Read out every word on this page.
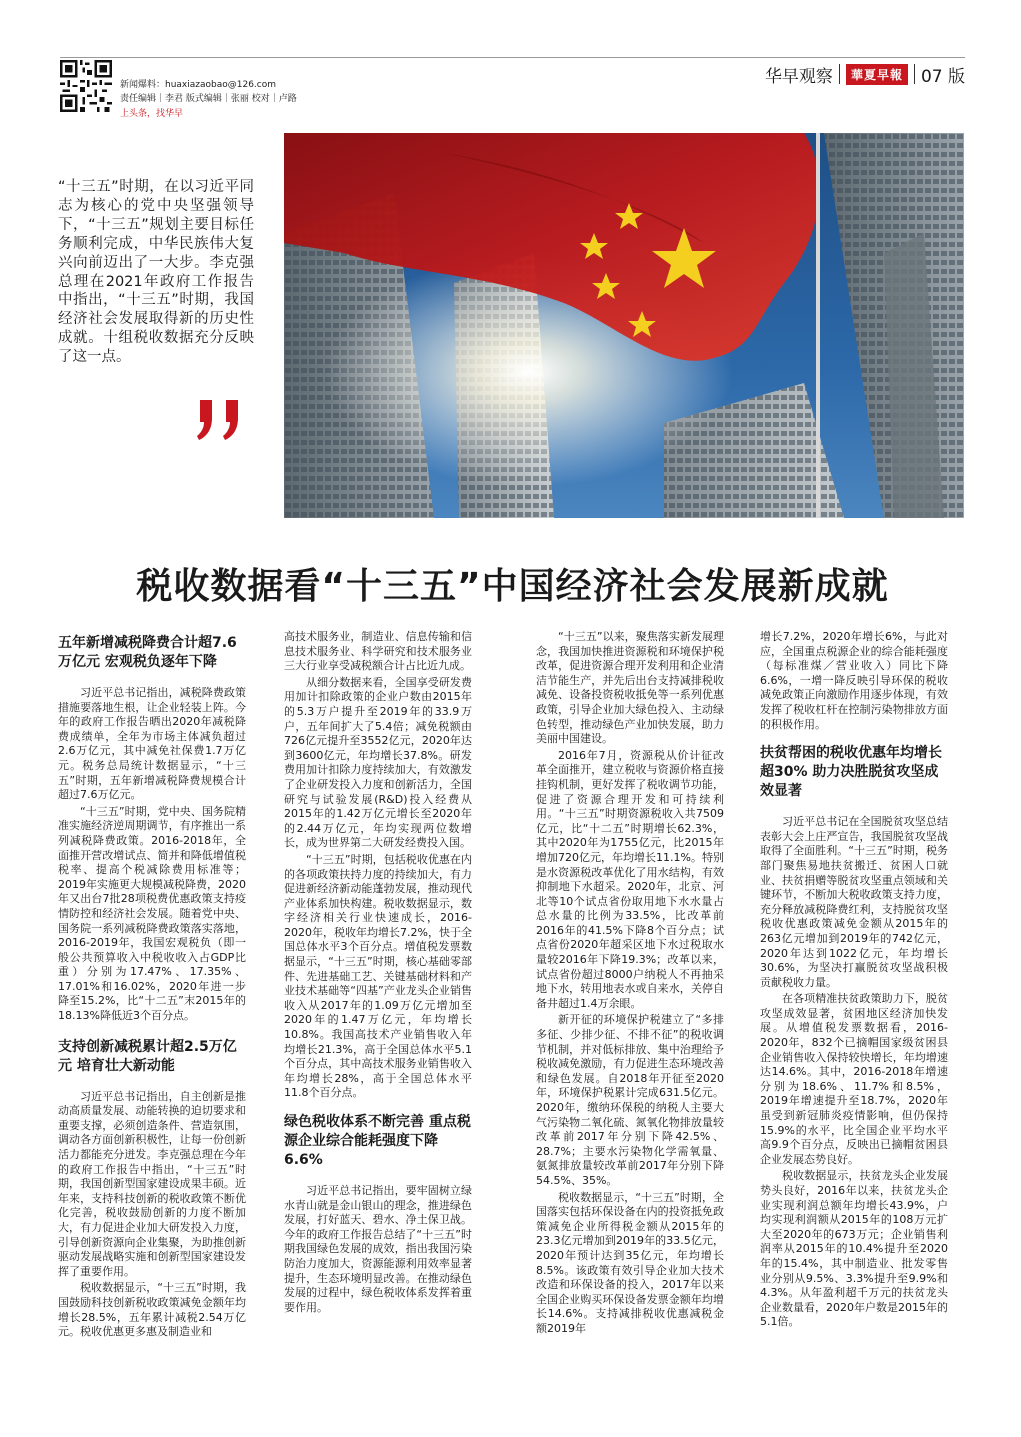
新闻爆料：huaxiazaobao@126.com
责任编辑｜李君 版式编辑｜张丽 校对｜卢路
上头条，找华早
华早观察	華夏早報 07 版
“十三五”时期，在以习近平同志为核心的党中央坚强领导下，“十三五”规划主要目标任务顺利完成，中华民族伟大复兴向前迈出了一大步。李克强总理在2021年政府工作报告中指出，“十三五”时期，我国经济社会发展取得新的历史性成就。十组税收数据充分反映了这一点。
税收数据看“十三五”中国经济社会发展新成就
五年新增减税降费合计超7.6万亿元 宏观税负逐年下降

习近平总书记指出，减税降费政策措施要落地生根，让企业轻装上阵。今年的政府工作报告晒出2020年减税降费成绩单，全年为市场主体减负超过2.6万亿元，其中减免社保费1.7万亿元。税务总局统计数据显示，“十三五”时期，五年新增减税降费规模合计超过7.6万亿元。

“十三五”时期，党中央、国务院精准实施经济逆周期调节，有序推出一系列减税降费政策。2016-2018年，全面推开营改增试点、简并和降低增值税税率、提高个税减除费用标准等；2019年实施更大规模减税降费，2020年又出台7批28项税费优惠政策支持疫情防控和经济社会发展。随着党中央、国务院一系列减税降费政策落实落地，2016-2019年，我国宏观税负（即一般公共预算收入中税收收入占GDP比重）分别为17.47%、17.35%、17.01%和16.02%，2020年进一步降至15.2%，比“十二五”末2015年的18.13%降低近3个百分点。

支持创新减税累计超2.5万亿元 培育壮大新动能

习近平总书记指出，自主创新是推动高质量发展、动能转换的迫切要求和重要支撑，必须创造条件、营造氛围，调动各方面创新积极性，让每一份创新活力都能充分迸发。李克强总理在今年的政府工作报告中指出，“十三五”时期，我国创新型国家建设成果丰硕。近年来，支持科技创新的税收政策不断优化完善，税收鼓励创新的力度不断加大，有力促进企业加大研发投入力度，引导创新资源向企业集聚，为助推创新驱动发展战略实施和创新型国家建设发挥了重要作用。

税收数据显示，“十三五”时期，我国鼓励科技创新税收政策减免金额年均增长28.5%，五年累计减税2.54万亿元。税收优惠更多惠及制造业和

高技术服务业，制造业、信息传输和信息技术服务业、科学研究和技术服务业三大行业享受减税额合计占比近九成。

从细分数据来看，全国享受研发费用加计扣除政策的企业户数由2015年的5.3万户提升至2019年的33.9万户，五年间扩大了5.4倍；减免税额由726亿元提升至3552亿元，2020年达到3600亿元，年均增长37.8%。研发费用加计扣除力度持续加大，有效激发了企业研发投入力度和创新活力，全国研究与试验发展(R&D)投入经费从2015年的1.42万亿元增长至2020年的2.44万亿元，年均实现两位数增长，成为世界第二大研发经费投入国。

“十三五”时期，包括税收优惠在内的各项政策扶持力度的持续加大，有力促进新经济新动能蓬勃发展，推动现代产业体系加快构建。税收数据显示，数字经济相关行业快速成长，2016-2020年，税收年均增长7.2%，快于全国总体水平3个百分点。增值税发票数据显示，“十三五”时期，核心基础零部件、先进基础工艺、关键基础材料和产业技术基础等“四基”产业龙头企业销售收入从2017年的1.09万亿元增加至2020年的1.47万亿元，年均增长10.8%。我国高技术产业销售收入年均增长21.3%，高于全国总体水平5.1个百分点，其中高技术服务业销售收入年均增长28%，高于全国总体水平11.8个百分点。

绿色税收体系不断完善 重点税源企业综合能耗强度下降6.6%

习近平总书记指出，要牢固树立绿水青山就是金山银山的理念，推进绿色发展，打好蓝天、碧水、净土保卫战。今年的政府工作报告总结了“十三五”时期我国绿色发展的成效，指出我国污染防治力度加大，资源能源利用效率显著提升，生态环境明显改善。在推动绿色发展的过程中，绿色税收体系发挥着重要作用。

“十三五”以来，聚焦落实新发展理念，我国加快推进资源税和环境保护税改革，促进资源合理开发利用和企业清洁节能生产，并先后出台支持减排税收减免、设备投资税收抵免等一系列优惠政策，引导企业加大绿色投入、主动绿色转型，推动绿色产业加快发展，助力美丽中国建设。

2016年7月，资源税从价计征改革全面推开，建立税收与资源价格直接挂钩机制，更好发挥了税收调节功能，促进了资源合理开发和可持续利用。“十三五”时期资源税收入共7509亿元，比“十二五”时期增长62.3%，其中2020年为1755亿元，比2015年增加720亿元，年均增长11.1%。特别是水资源税改革优化了用水结构，有效抑制地下水超采。2020年，北京、河北等10个试点省份取用地下水水量占总水量的比例为33.5%，比改革前2016年的41.5%下降8个百分点；试点省份2020年超采区地下水过税取水量较2016年下降19.3%；改革以来，试点省份超过8000户纳税人不再抽采地下水，转用地表水或自来水，关停自备井超过1.4万余眼。

新开征的环境保护税建立了“多排多征、少排少征、不排不征”的税收调节机制，并对低标排放、集中治理给予税收减免激励，有力促进生态环境改善和绿色发展。自2018年开征至2020年，环境保护税累计完成631.5亿元。2020年，缴纳环保税的纳税人主要大气污染物二氧化硫、氮氧化物排放量较改革前2017年分别下降42.5%、28.7%；主要水污染物化学需氧量、氨氮排放量较改革前2017年分别下降54.5%、35%。

税收数据显示，“十三五”时期，全国落实包括环保设备在内的投资抵免政策减免企业所得税金额从2015年的23.3亿元增加到2019年的33.5亿元，2020年预计达到35亿元，年均增长8.5%。该政策有效引导企业加大技术改造和环保设备的投入，2017年以来全国企业购买环保设备发票金额年均增长14.6%。支持减排税收优惠减税金额2019年

增长7.2%，2020年增长6%，与此对应，全国重点税源企业的综合能耗强度（每标准煤／营业收入）同比下降6.6%，一增一降反映引导环保的税收减免政策正向激励作用逐步体现，有效发挥了税收杠杆在控制污染物排放方面的积极作用。

扶贫帮困的税收优惠年均增长超30% 助力决胜脱贫攻坚成效显著

习近平总书记在全国脱贫攻坚总结表彰大会上庄严宣告，我国脱贫攻坚战取得了全面胜利。“十三五”时期，税务部门聚焦易地扶贫搬迁、贫困人口就业、扶贫捐赠等脱贫攻坚重点领域和关键环节，不断加大税收政策支持力度，充分释放减税降费红利，支持脱贫攻坚税收优惠政策减免金额从2015年的263亿元增加到2019年的742亿元，2020年达到1022亿元，年均增长30.6%，为坚决打赢脱贫攻坚战积极贡献税收力量。

在各项精准扶贫政策助力下，脱贫攻坚成效显著，贫困地区经济加快发展。从增值税发票数据看，2016-2020年，832个已摘帽国家级贫困县企业销售收入保持较快增长，年均增速达14.6%。其中，2016-2018年增速分别为18.6%、11.7%和8.5%，2019年增速提升至18.7%，2020年虽受到新冠肺炎疫情影响，但仍保持15.9%的水平，比全国企业平均水平高9.9个百分点，反映出已摘帽贫困县企业发展态势良好。

税收数据显示，扶贫龙头企业发展势头良好，2016年以来，扶贫龙头企业实现利润总额年均增长43.9%，户均实现利润额从2015年的108万元扩大至2020年的673万元；企业销售利润率从2015年的10.4%提升至2020年的15.4%，其中制造业、批发零售业分别从9.5%、3.3%提升至9.9%和4.3%。从年盈利超千万元的扶贫龙头企业数量看，2020年户数是2015年的5.1倍。
